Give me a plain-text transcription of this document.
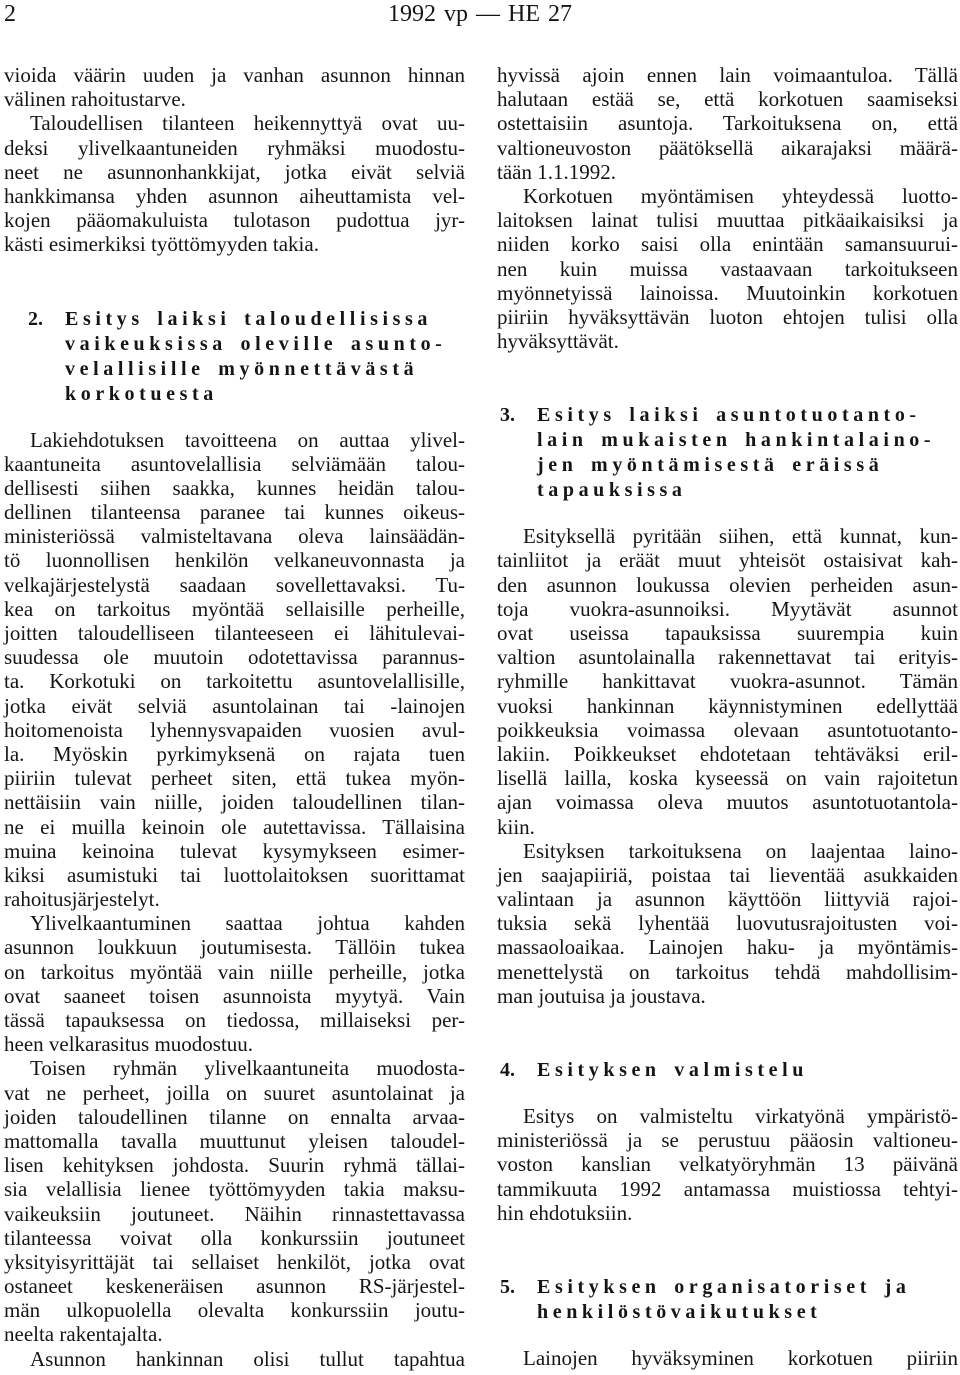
2	1992 vp — HE 27
vioida väärin uuden ja vanhan asunnon hinnan
välinen rahoitustarve.
Taloudellisen tilanteen heikennyttyä ovat uu-
deksi ylivelkaantuneiden ryhmäksi muodostu-
neet ne asunnonhankkijat, jotka eivät selviä
hankkimansa yhden asunnon aiheuttamista vel-
kojen pääomakuluista tulotason pudottua jyr-
kästi esimerkiksi työttömyyden takia.
2. Esitys laiksi taloudellisissa
vaikeuksissa oleville asunto-
velallisille myönnettävästä
korkotuesta
Lakiehdotuksen tavoitteena on auttaa ylivel-
kaantuneita asuntovelallisia selviämään talou-
dellisesti siihen saakka, kunnes heidän talou-
dellinen tilanteensa paranee tai kunnes oikeus-
ministeriössä valmisteltavana oleva lainsäädän-
tö luonnollisen henkilön velkaneuvonnasta ja
velkajärjestelystä saadaan sovellettavaksi. Tu-
kea on tarkoitus myöntää sellaisille perheille,
joitten taloudelliseen tilanteeseen ei lähitulevai-
suudessa ole muutoin odotettavissa parannus-
ta. Korkotuki on tarkoitettu asuntovelallisille,
jotka eivät selviä asuntolainan tai -lainojen
hoitomenoista lyhennysvapaiden vuosien avul-
la. Myöskin pyrkimyksenä on rajata tuen
piiriin tulevat perheet siten, että tukea myön-
nettäisiin vain niille, joiden taloudellinen tilan-
ne ei muilla keinoin ole autettavissa. Tällaisina
muina keinoina tulevat kysymykseen esimer-
kiksi asumistuki tai luottolaitoksen suorittamat
rahoitusjärjestelyt.
Ylivelkaantuminen saattaa johtua kahden
asunnon loukkuun joutumisesta. Tällöin tukea
on tarkoitus myöntää vain niille perheille, jotka
ovat saaneet toisen asunnoista myytyä. Vain
tässä tapauksessa on tiedossa, millaiseksi per-
heen velkarasitus muodostuu.
Toisen ryhmän ylivelkaantuneita muodosta-
vat ne perheet, joilla on suuret asuntolainat ja
joiden taloudellinen tilanne on ennalta arvaa-
mattomalla tavalla muuttunut yleisen taloudel-
lisen kehityksen johdosta. Suurin ryhmä tällai-
sia velallisia lienee työttömyyden takia maksu-
vaikeuksiin joutuneet. Näihin rinnastettavassa
tilanteessa voivat olla konkurssiin joutuneet
yksityisyrittäjät tai sellaiset henkilöt, jotka ovat
ostaneet keskeneräisen asunnon RS-järjestel-
män ulkopuolella olevalta konkurssiin joutu-
neelta rakentajalta.
Asunnon hankinnan olisi tullut tapahtua
hyvissä ajoin ennen lain voimaantuloa. Tällä
halutaan estää se, että korkotuen saamiseksi
ostettaisiin asuntoja. Tarkoituksena on, että
valtioneuvoston päätöksellä aikarajaksi määrä-
tään 1.1.1992.
Korkotuen myöntämisen yhteydessä luotto-
laitoksen lainat tulisi muuttaa pitkäaikaisiksi ja
niiden korko saisi olla enintään samansuurui-
nen kuin muissa vastaavaan tarkoitukseen
myönnetyissä lainoissa. Muutoinkin korkotuen
piiriin hyväksyttävän luoton ehtojen tulisi olla
hyväksyttävät.
3. Esitys laiksi asuntotuotanto-
lain mukaisten hankintalaino-
jen myöntämisestä eräissä
tapauksissa
Esityksellä pyritään siihen, että kunnat, kun-
tainliitot ja eräät muut yhteisöt ostaisivat kah-
den asunnon loukussa olevien perheiden asun-
toja vuokra-asunnoiksi. Myytävät asunnot
ovat useissa tapauksissa suurempia kuin
valtion asuntolainalla rakennettavat tai erityis-
ryhmille hankittavat vuokra-asunnot. Tämän
vuoksi hankinnan käynnistyminen edellyttää
poikkeuksia voimassa olevaan asuntotuotanto-
lakiin. Poikkeukset ehdotetaan tehtäväksi eril-
lisellä lailla, koska kyseessä on vain rajoitetun
ajan voimassa oleva muutos asuntotuotantola-
kiin.
Esityksen tarkoituksena on laajentaa laino-
jen saajapiiriä, poistaa tai lieventää asukkaiden
valintaan ja asunnon käyttöön liittyviä rajoi-
tuksia sekä lyhentää luovutusrajoitusten voi-
massaoloaikaa. Lainojen haku- ja myöntämis-
menettelystä on tarkoitus tehdä mahdollisim-
man joutuisa ja joustava.
4. Esityksen valmistelu
Esitys on valmisteltu virkatyönä ympäristö-
ministeriössä ja se perustuu pääosin valtioneu-
voston kanslian velkatyöryhmän 13 päivänä
tammikuuta 1992 antamassa muistiossa tehtyi-
hin ehdotuksiin.
5. Esityksen organisatoriset ja
henkilöstövaikutukset
Lainojen hyväksyminen korkotuen piiriin
